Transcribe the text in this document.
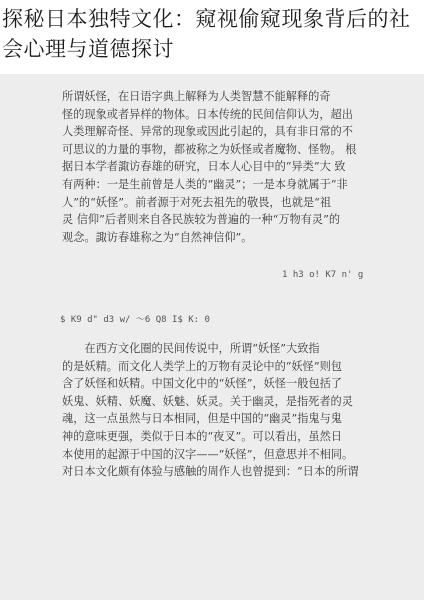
探秘日本独特文化：窥视偷窥现象背后的社会心理与道德探讨
所谓妖怪，在日语字典上解释为人类智慧不能解释的奇
怪的现象或者异样的物体。日本传统的民间信仰认为，超出
人类理解奇怪、异常的现象或因此引起的，具有非日常的不
可思议的力量的事物，都被称之为妖怪或者魔物、怪物。 根
据日本学者諏访春雄的研究，日本人心目中的“异类”大 致
有两种：一是生前曾是人类的“幽灵”；一是本身就属于“非
人”的“妖怪”。前者源于对死去祖先的敬畏，也就是“祖
灵 信仰”后者则来自各民族较为普遍的一种“万物有灵”的
观念。諏访春雄称之为“自然神信仰”。
1 h3 o! K7 n' g
$ K9 d" d3 w/ 〜6 Q8 I$ K: 0
　　在西方文化圈的民间传说中，所谓“妖怪”大致指
的是妖精。而文化人类学上的万物有灵论中的“妖怪”则包
含了妖怪和妖精。中国文化中的“妖怪”，妖怪一般包括了
妖鬼、妖精、妖魔、妖魅、妖灵。关于幽灵，是指死者的灵
魂，这一点虽然与日本相同，但是中国的“幽灵”指鬼与鬼
神的意味更强，类似于日本的“夜叉”。可以看出，虽然日
本使用的起源于中国的汉字——“妖怪”，但意思并不相同。
对日本文化颇有体验与感触的周作人也曾提到：“日本的所谓
